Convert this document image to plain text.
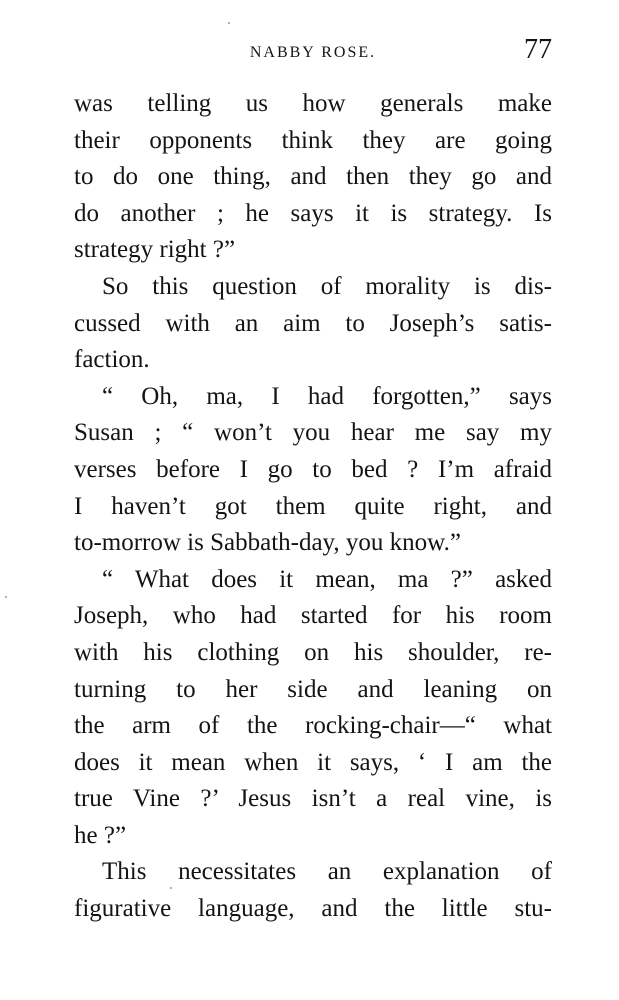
NABBY ROSE.	77
was telling us how generals make
their opponents think they are going
to do one thing, and then they go and
do another ; he says it is strategy. Is
strategy right ?”
So this question of morality is dis-
cussed with an aim to Joseph’s satis-
faction.
“ Oh, ma, I had forgotten,” says
Susan ; “ won’t you hear me say my
verses before I go to bed ? I’m afraid
I haven’t got them quite right, and
to-morrow is Sabbath-day, you know.”
“ What does it mean, ma ?” asked
Joseph, who had started for his room
with his clothing on his shoulder, re-
turning to her side and leaning on
the arm of the rocking-chair—“ what
does it mean when it says, ‘ I am the
true Vine ?’ Jesus isn’t a real vine, is
he ?”
This necessitates an explanation of
figurative language, and the little stu-
